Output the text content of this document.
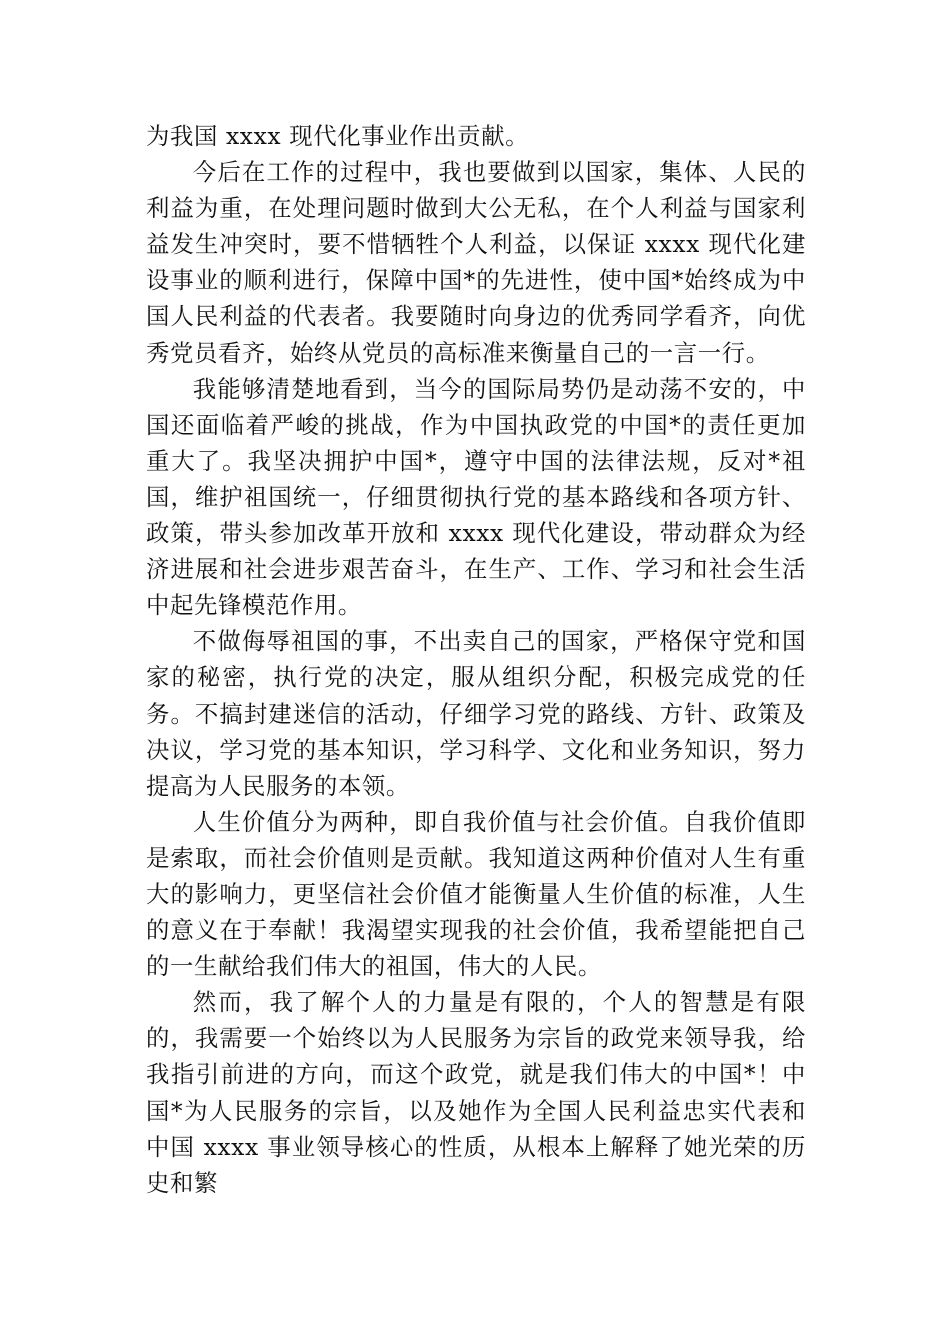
为我国 xxxx 现代化事业作出贡献。

今后在工作的过程中，我也要做到以国家，集体、人民的利益为重，在处理问题时做到大公无私，在个人利益与国家利益发生冲突时，要不惜牺牲个人利益，以保证 xxxx 现代化建设事业的顺利进行，保障中国*的先进性，使中国*始终成为中国人民利益的代表者。我要随时向身边的优秀同学看齐，向优秀党员看齐，始终从党员的高标准来衡量自己的一言一行。

我能够清楚地看到，当今的国际局势仍是动荡不安的，中国还面临着严峻的挑战，作为中国执政党的中国*的责任更加重大了。我坚决拥护中国*，遵守中国的法律法规，反对*祖国，维护祖国统一，仔细贯彻执行党的基本路线和各项方针、政策，带头参加改革开放和 xxxx 现代化建设，带动群众为经济进展和社会进步艰苦奋斗，在生产、工作、学习和社会生活中起先锋模范作用。

不做侮辱祖国的事，不出卖自己的国家，严格保守党和国家的秘密，执行党的决定，服从组织分配，积极完成党的任务。不搞封建迷信的活动，仔细学习党的路线、方针、政策及决议，学习党的基本知识，学习科学、文化和业务知识，努力提高为人民服务的本领。

人生价值分为两种，即自我价值与社会价值。自我价值即是索取，而社会价值则是贡献。我知道这两种价值对人生有重大的影响力，更坚信社会价值才能衡量人生价值的标准，人生的意义在于奉献！我渴望实现我的社会价值，我希望能把自己的一生献给我们伟大的祖国，伟大的人民。

然而，我了解个人的力量是有限的，个人的智慧是有限的，我需要一个始终以为人民服务为宗旨的政党来领导我，给我指引前进的方向，而这个政党，就是我们伟大的中国*！中国*为人民服务的宗旨，以及她作为全国人民利益忠实代表和中国 xxxx 事业领导核心的性质，从根本上解释了她光荣的历史和繁
